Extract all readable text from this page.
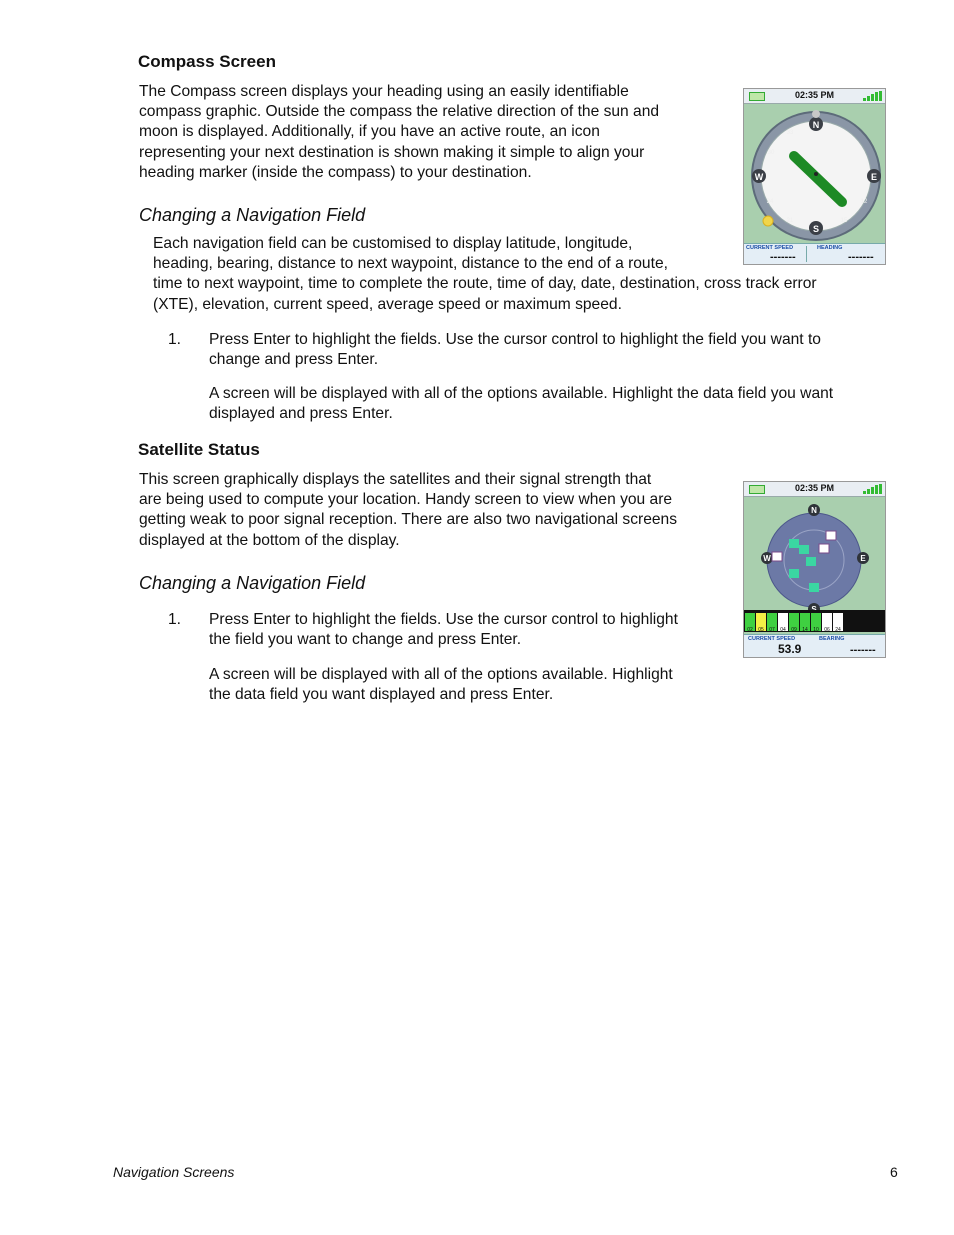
Compass Screen
The Compass screen displays your heading using an easily identifiable
compass graphic. Outside the compass the relative direction of the sun and
moon is displayed. Additionally, if you have an active route, an icon
representing your next destination is shown making it simple to align your
heading marker (inside the compass) to your destination.
Changing a Navigation Field
Each navigation field can be customised to display latitude, longitude,
heading, bearing, distance to next waypoint, distance to the end of a route,
time to next waypoint, time to complete the route, time of day, date, destination, cross track error
(XTE), elevation, current speed, average speed or maximum speed.
1. Press Enter to highlight the fields. Use the cursor control to highlight the field you want to
change and press Enter.
A screen will be displayed with all of the options available. Highlight the data field you want
displayed and press Enter.
02:35 PM
N
S
W	E
33
30
24
21	15
12
CURRENT SPEED
-------
HEADING
-------
Satellite Status
This screen graphically displays the satellites and their signal strength that
are being used to compute your location. Handy screen to view when you are
getting weak to poor signal reception. There are also two navigational screens
displayed at the bottom of the display.
Changing a Navigation Field
1. Press Enter to highlight the fields. Use the cursor control to highlight
the field you want to change and press Enter.
A screen will be displayed with all of the options available. Highlight
the data field you want displayed and press Enter.
02:35 PM
N
W	E
02	05	07	04	09	14	10	06	24
CURRENT SPEED
53.9
BEARING
-------
Navigation Screens	6
